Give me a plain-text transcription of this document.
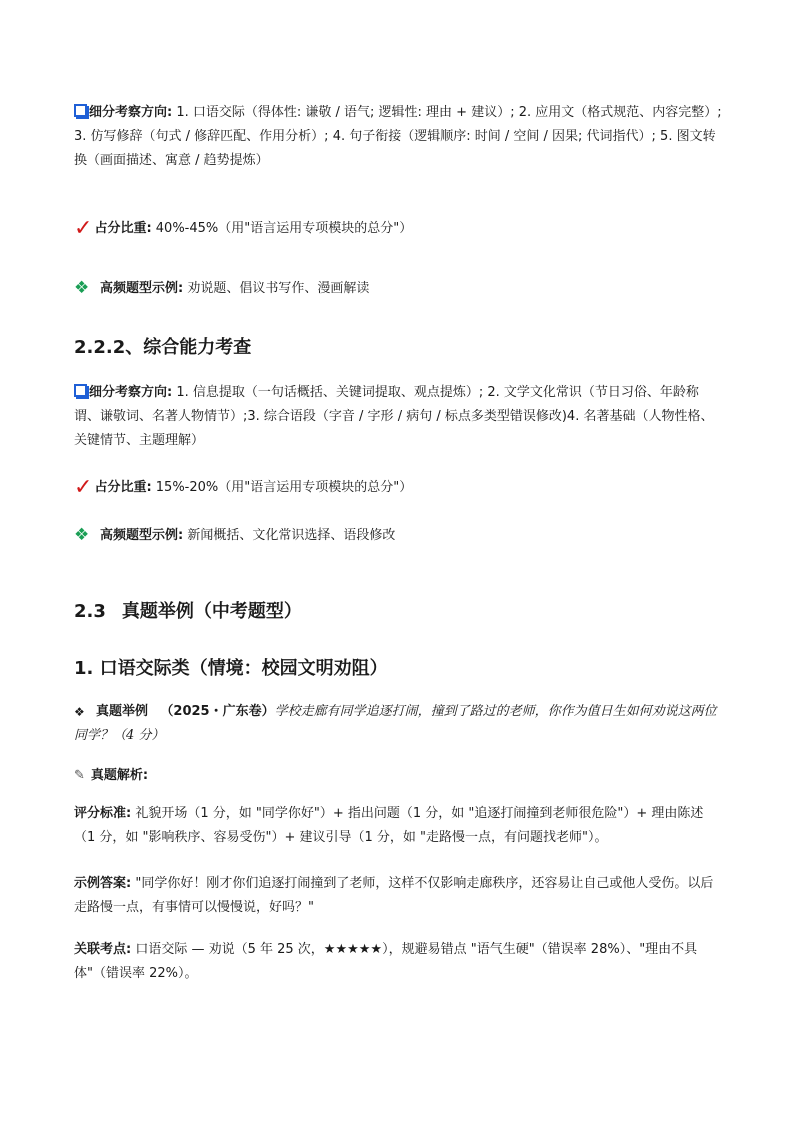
细分考察方向: 1. 口语交际（得体性: 谦敬 / 语气; 逻辑性: 理由 + 建议）; 2. 应用文（格式规范、内容完整）; 3. 仿写修辞（句式 / 修辞匹配、作用分析）; 4. 句子衔接（逻辑顺序: 时间 / 空间 / 因果; 代词指代）; 5. 图文转换（画面描述、寓意 / 趋势提炼）
✓ 占分比重: 40%-45%（用"语言运用专项模块的总分"）
❖ 高频题型示例: 劝说题、倡议书写作、漫画解读
2.2.2、综合能力考查
细分考察方向: 1. 信息提取（一句话概括、关键词提取、观点提炼）; 2. 文学文化常识（节日习俗、年龄称谓、谦敬词、名著人物情节）;3. 综合语段（字音 / 字形 / 病句 / 标点多类型错误修改)4. 名著基础（人物性格、关键情节、主题理解）
✓ 占分比重: 15%-20%（用"语言运用专项模块的总分"）
❖ 高频题型示例: 新闻概括、文化常识选择、语段修改
2.3 真题举例（中考题型）
1. 口语交际类（情境：校园文明劝阻）
❖ 真题举例 （2025・广东卷）学校走廊有同学追逐打闹，撞到了路过的老师，你作为值日生如何劝说这两位同学？（4 分）
✎ 真题解析:
评分标准: 礼貌开场（1 分，如 "同学你好"）+ 指出问题（1 分，如 "追逐打闹撞到老师很危险"）+ 理由陈述（1 分，如 "影响秩序、容易受伤"）+ 建议引导（1 分，如 "走路慢一点，有问题找老师"）。
示例答案: "同学你好！刚才你们追逐打闹撞到了老师，这样不仅影响走廊秩序，还容易让自己或他人受伤。以后走路慢一点，有事情可以慢慢说，好吗？"
关联考点: 口语交际 — 劝说（5 年 25 次，★★★★★），规避易错点 "语气生硬"（错误率 28%）、"理由不具体"（错误率 22%）。
